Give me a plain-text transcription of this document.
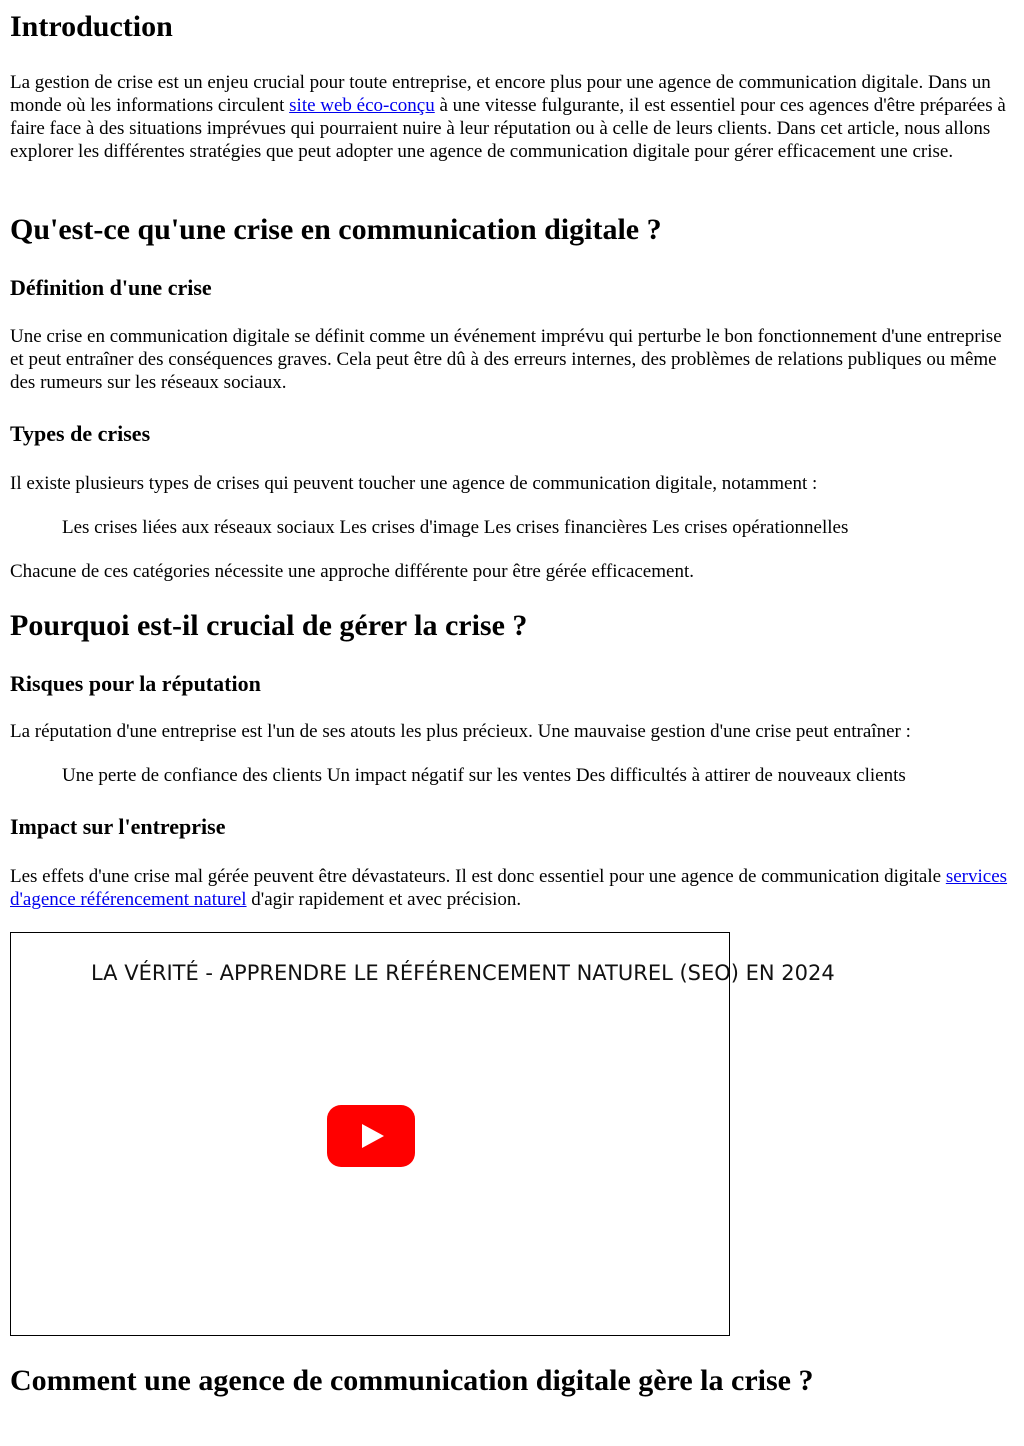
Introduction

La gestion de crise est un enjeu crucial pour toute entreprise, et encore plus pour une agence de communication digitale. Dans un monde où les informations circulent site web éco-conçu à une vitesse fulgurante, il est essentiel pour ces agences d'être préparées à faire face à des situations imprévues qui pourraient nuire à leur réputation ou à celle de leurs clients. Dans cet article, nous allons explorer les différentes stratégies que peut adopter une agence de communication digitale pour gérer efficacement une crise.

Qu'est-ce qu'une crise en communication digitale ?
Définition d'une crise

Une crise en communication digitale se définit comme un événement imprévu qui perturbe le bon fonctionnement d'une entreprise et peut entraîner des conséquences graves. Cela peut être dû à des erreurs internes, des problèmes de relations publiques ou même des rumeurs sur les réseaux sociaux.

Types de crises

Il existe plusieurs types de crises qui peuvent toucher une agence de communication digitale, notamment :

Les crises liées aux réseaux sociaux Les crises d'image Les crises financières Les crises opérationnelles

Chacune de ces catégories nécessite une approche différente pour être gérée efficacement.

Pourquoi est-il crucial de gérer la crise ?
Risques pour la réputation

La réputation d'une entreprise est l'un de ses atouts les plus précieux. Une mauvaise gestion d'une crise peut entraîner :

Une perte de confiance des clients Un impact négatif sur les ventes Des difficultés à attirer de nouveaux clients

Impact sur l'entreprise

Les effets d'une crise mal gérée peuvent être dévastateurs. Il est donc essentiel pour une agence de communication digitale services d'agence référencement naturel d'agir rapidement et avec précision.

LA VÉRITÉ - APPRENDRE LE RÉFÉRENCEMENT NATUREL (SEO) EN 2024
Comment une agence de communication digitale gère la crise ?
